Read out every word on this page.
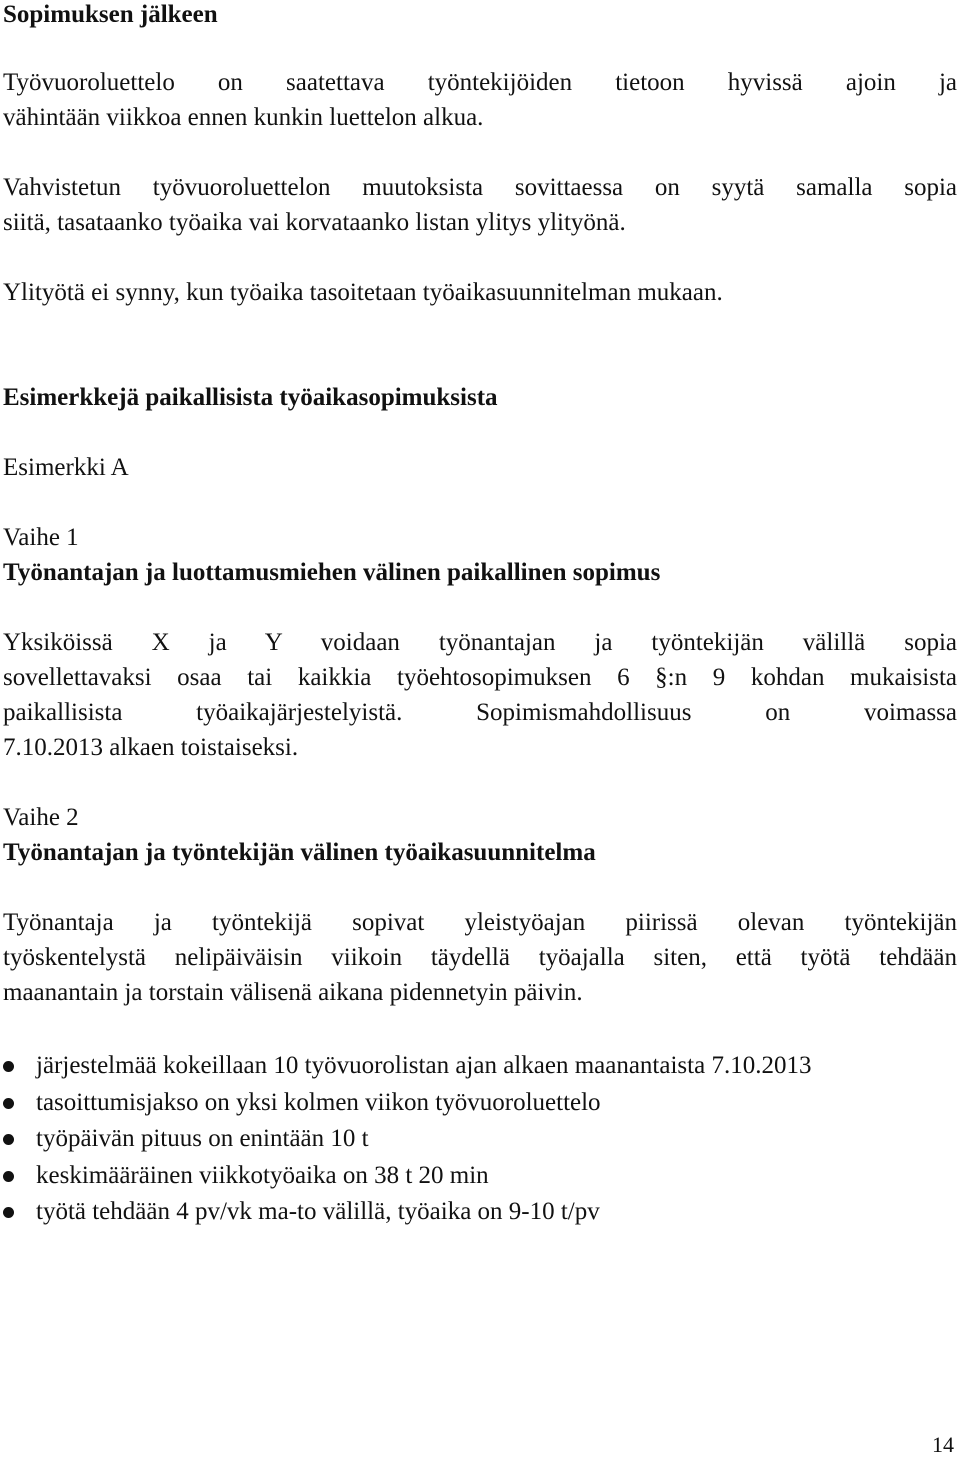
Sopimuksen jälkeen
Työvuoroluettelo on saatettava työntekijöiden tietoon hyvissä ajoin ja
vähintään viikkoa ennen kunkin luettelon alkua.
Vahvistetun työvuoroluettelon muutoksista sovittaessa on syytä samalla sopia
siitä, tasataanko työaika vai korvataanko listan ylitys ylityönä.
Ylityötä ei synny, kun työaika tasoitetaan työaikasuunnitelman mukaan.
Esimerkkejä paikallisista työaikasopimuksista
Esimerkki A
Vaihe 1
Työnantajan ja luottamusmiehen välinen paikallinen sopimus
Yksiköissä X ja Y voidaan työnantajan ja työntekijän välillä sopia
sovellettavaksi osaa tai kaikkia työehtosopimuksen 6 §:n 9 kohdan mukaisista
paikallisista työaikajärjestelyistä. Sopimismahdollisuus on voimassa
7.10.2013 alkaen toistaiseksi.
Vaihe 2
Työnantajan ja työntekijän välinen työaikasuunnitelma
Työnantaja ja työntekijä sopivat yleistyöajan piirissä olevan työntekijän
työskentelystä nelipäiväisin viikoin täydellä työajalla siten, että työtä tehdään
maanantain ja torstain välisenä aikana pidennetyin päivin.
järjestelmää kokeillaan 10 työvuorolistan ajan alkaen maanantaista 7.10.2013
tasoittumisjakso on yksi kolmen viikon työvuoroluettelo
työpäivän pituus on enintään 10 t
keskimääräinen viikkotyöaika on 38 t 20 min
työtä tehdään 4 pv/vk ma-to välillä, työaika on 9-10 t/pv
14
